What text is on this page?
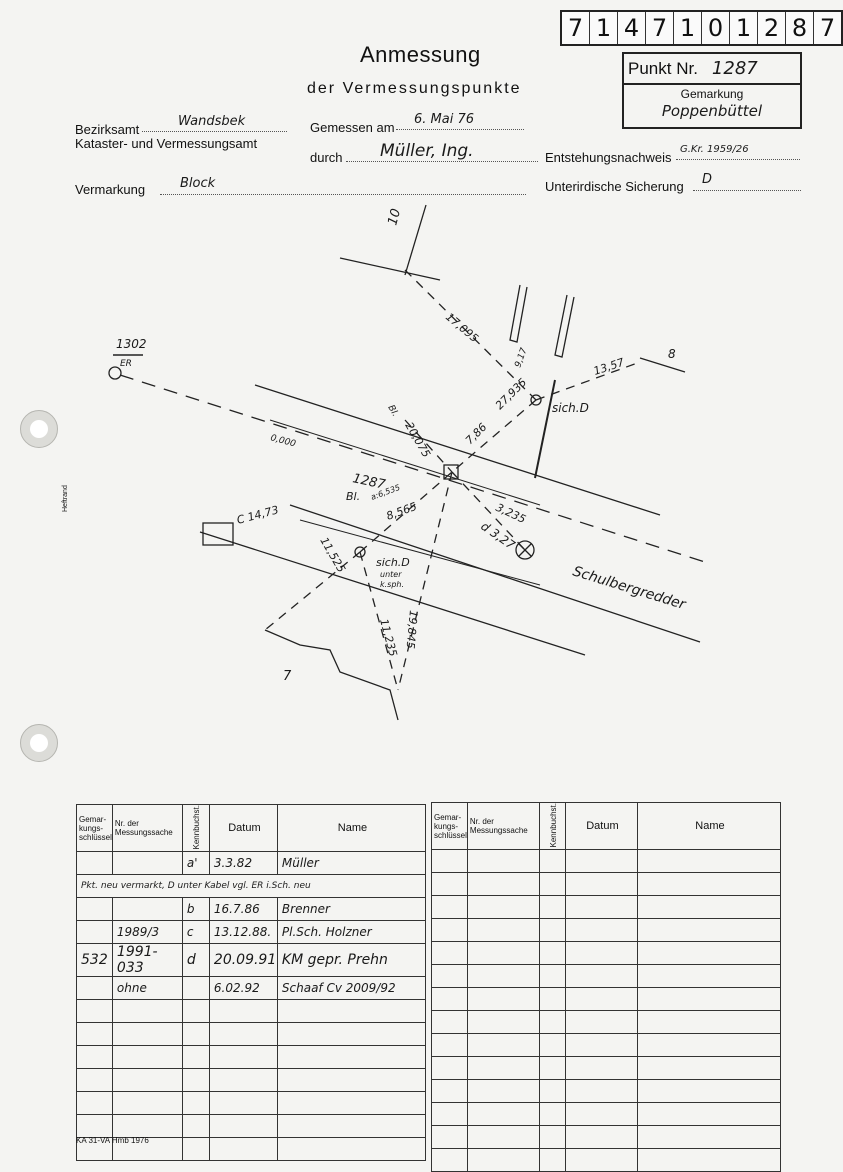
7 1 4 7 1 0 1 2 8 7
Anmessung
der Vermessungspunkte
Punkt Nr. 1287
Gemarkung
Poppenbüttel
Bezirksamt
Wandsbek
Kataster- und Vermessungsamt
Gemessen am
6. Mai 76
durch Müller, Ing.	Entstehungsnachweis
G.Kr. 1959/26
Vermarkung	Block	Unterirdische Sicherung D
Heftrand
1302
ER
1287
Bl.
Schulbergredder
17,095
13,57
27,935
9,17
20,075	7,86
8,565	3,235
C 14,73
11,525
11,235 19,845
a:6,535
0,000
sich.D
sich.D
unter
k.sph.
d 3,27
10
8
7
Bl.
Gemar-kungs-schlüssel	Nr. der Messungssache	Kennbuchst.	Datum	Name
		a'	3.3.82	Müller
Pkt. neu vermarkt, D unter Kabel vgl. ER i.Sch. neu				
		b	16.7.86	Brenner
	1989/3	c	13.12.88.	Pl.Sch. Holzner
532	1991-033	d	20.09.91	KM gepr. Prehn
	ohne		6.02.92	Schaaf Cv 2009/92

Gemar-kungs-schlüssel	Nr. der Messungssache	Kennbuchst.	Datum	Name

KA 31-VA Hmb 1976
